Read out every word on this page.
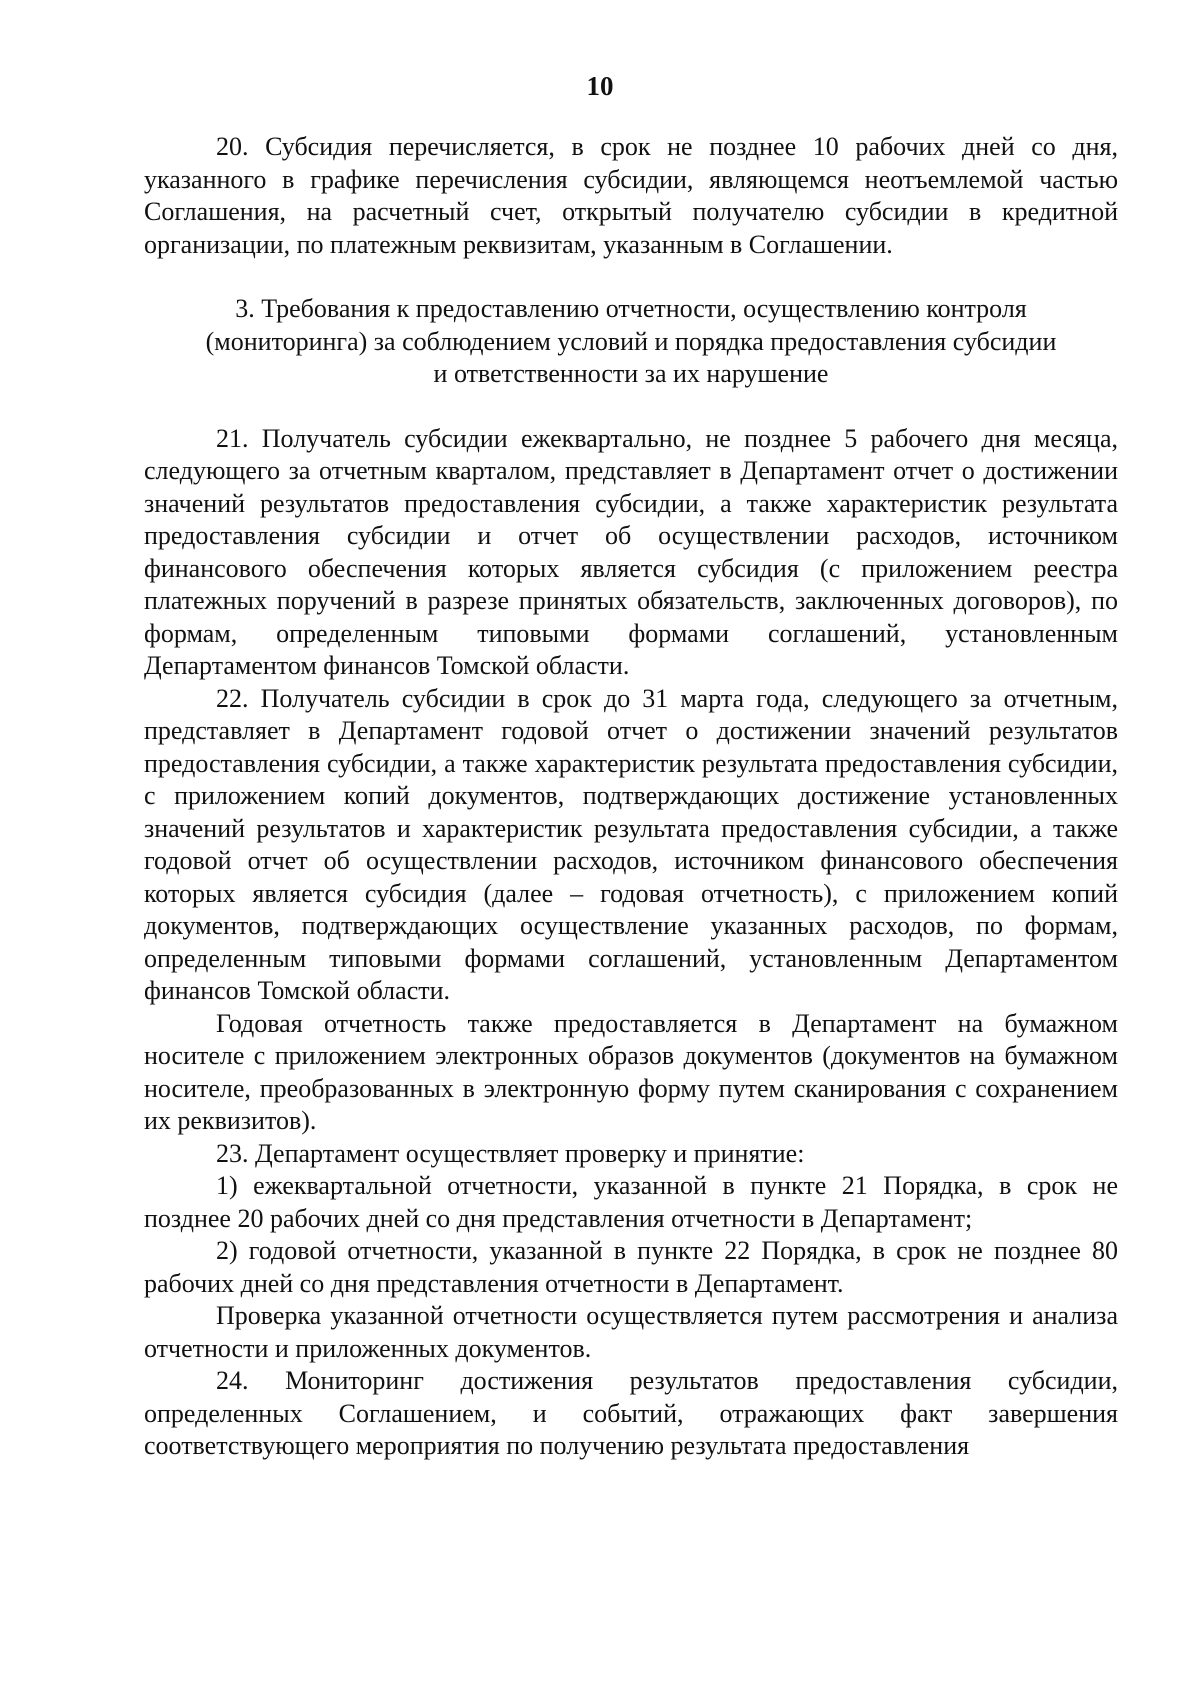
10

20. Субсидия перечисляется, в срок не позднее 10 рабочих дней со дня, указанного в графике перечисления субсидии, являющемся неотъемлемой частью Соглашения, на расчетный счет, открытый получателю субсидии в кредитной организации, по платежным реквизитам, указанным в Соглашении.

3. Требования к предоставлению отчетности, осуществлению контроля

(мониторинга) за соблюдением условий и порядка предоставления субсидии

и ответственности за их нарушение

21. Получатель субсидии ежеквартально, не позднее 5 рабочего дня месяца, следующего за отчетным кварталом, представляет в Департамент отчет о достижении значений результатов предоставления субсидии, а также характеристик результата предоставления субсидии и отчет об осуществлении расходов, источником финансового обеспечения которых является субсидия (с приложением реестра платежных поручений в разрезе принятых обязательств, заключенных договоров), по формам, определенным типовыми формами соглашений, установленным Департаментом финансов Томской области.

22. Получатель субсидии в срок до 31 марта года, следующего за отчетным, представляет в Департамент годовой отчет о достижении значений результатов предоставления субсидии, а также характеристик результата предоставления субсидии, с приложением копий документов, подтверждающих достижение установленных значений результатов и характеристик результата предоставления субсидии, а также годовой отчет об осуществлении расходов, источником финансового обеспечения которых является субсидия (далее – годовая отчетность), с приложением копий документов, подтверждающих осуществление указанных расходов, по формам, определенным типовыми формами соглашений, установленным Департаментом финансов Томской области.

Годовая отчетность также предоставляется в Департамент на бумажном носителе с приложением электронных образов документов (документов на бумажном носителе, преобразованных в электронную форму путем сканирования с сохранением их реквизитов).

23. Департамент осуществляет проверку и принятие:

1) ежеквартальной отчетности, указанной в пункте 21 Порядка, в срок не позднее 20 рабочих дней со дня представления отчетности в Департамент;

2) годовой отчетности, указанной в пункте 22 Порядка, в срок не позднее 80 рабочих дней со дня представления отчетности в Департамент.

Проверка указанной отчетности осуществляется путем рассмотрения и анализа отчетности и приложенных документов.

24. Мониторинг достижения результатов предоставления субсидии, определенных Соглашением, и событий, отражающих факт завершения соответствующего мероприятия по получению результата предоставления
